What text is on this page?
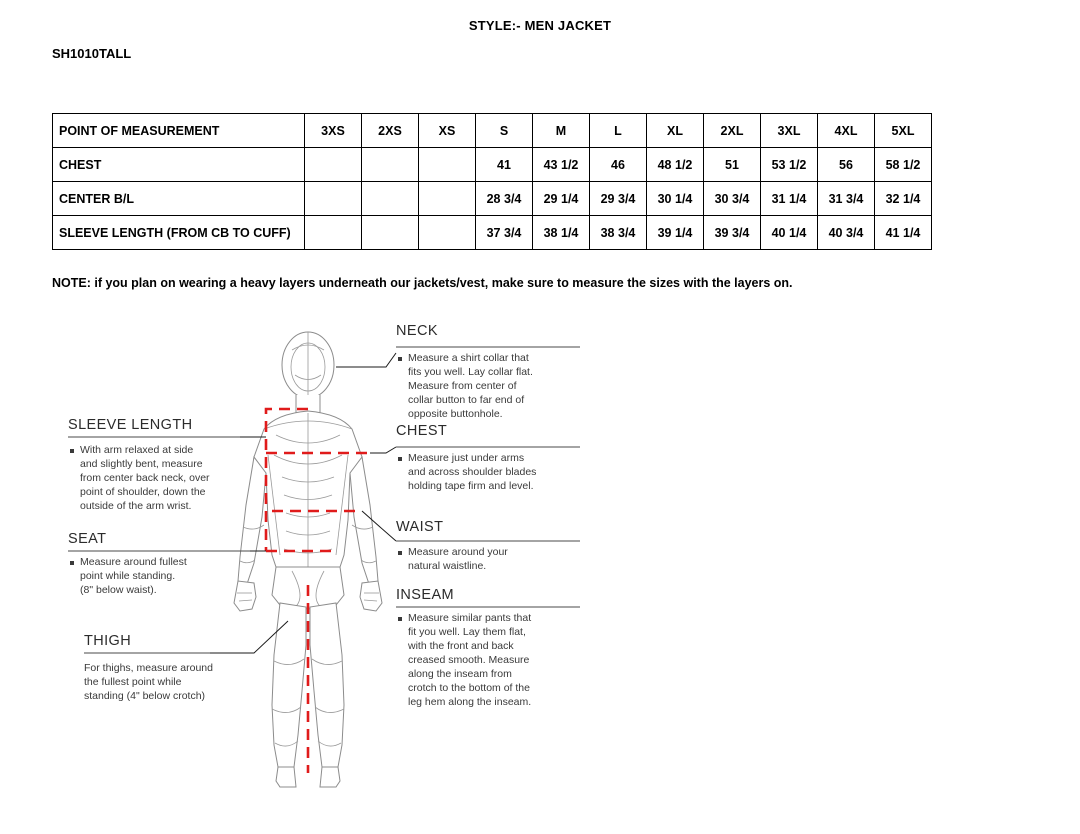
STYLE:- MEN JACKET
SH1010TALL
POINT OF MEASUREMENT	3XS	2XS	XS	S	M	L	XL	2XL	3XL	4XL	5XL
CHEST				41	43 1/2	46	48 1/2	51	53 1/2	56	58 1/2
CENTER B/L				28 3/4	29 1/4	29 3/4	30 1/4	30 3/4	31 1/4	31 3/4	32 1/4
SLEEVE LENGTH (FROM CB TO CUFF)				37 3/4	38 1/4	38 3/4	39 1/4	39 3/4	40 1/4	40 3/4	41 1/4
NOTE: if you plan on wearing a heavy layers underneath our jackets/vest, make sure to measure the sizes with the layers on.
NECK
Measure a shirt collar that
fits you well. Lay collar flat.
Measure from center of
collar button to far end of
opposite buttonhole.
CHEST
Measure just under arms
and across shoulder blades
holding tape firm and level.
WAIST
Measure around your
natural waistline.
INSEAM
Measure similar pants that
fit you well. Lay them flat,
with the front and back
creased smooth. Measure
along the inseam from
crotch to the bottom of the
leg hem along the inseam.
SLEEVE LENGTH
With arm relaxed at side
and slightly bent, measure
from center back neck, over
point of shoulder, down the
outside of the arm wrist.
SEAT
Measure around fullest
point while standing.
(8" below waist).
THIGH
For thighs, measure around
the fullest point while
standing (4" below crotch)
